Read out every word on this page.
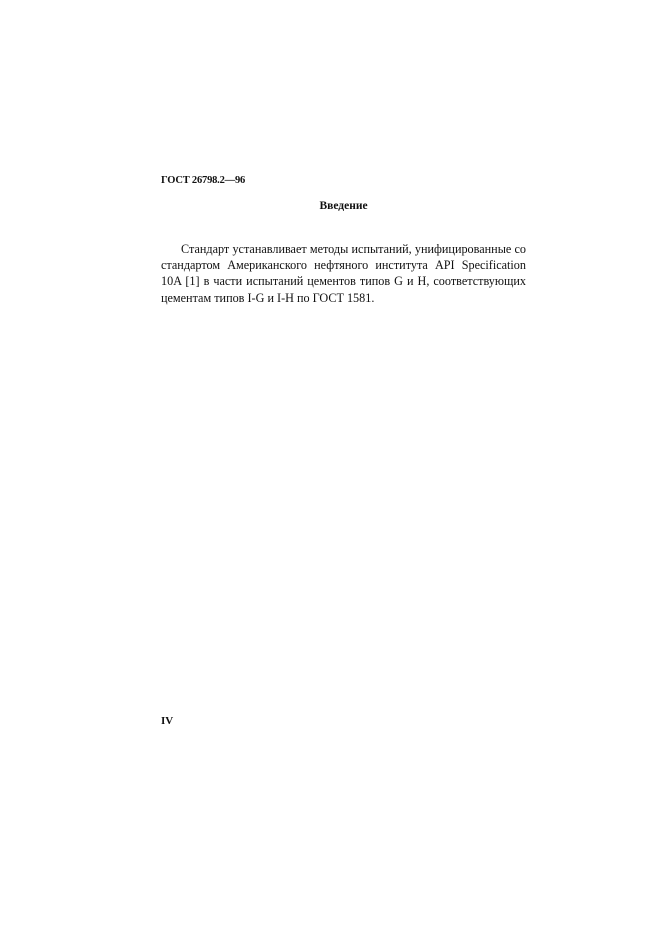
ГОСТ 26798.2—96
Введение

Стандарт устанавливает методы испытаний, унифицированные со стандартом Американского нефтяного института API Specification 10A [1] в части испытаний цементов типов G и H, соответствующих цементам типов I-G и I-H по ГОСТ 1581.

IV
